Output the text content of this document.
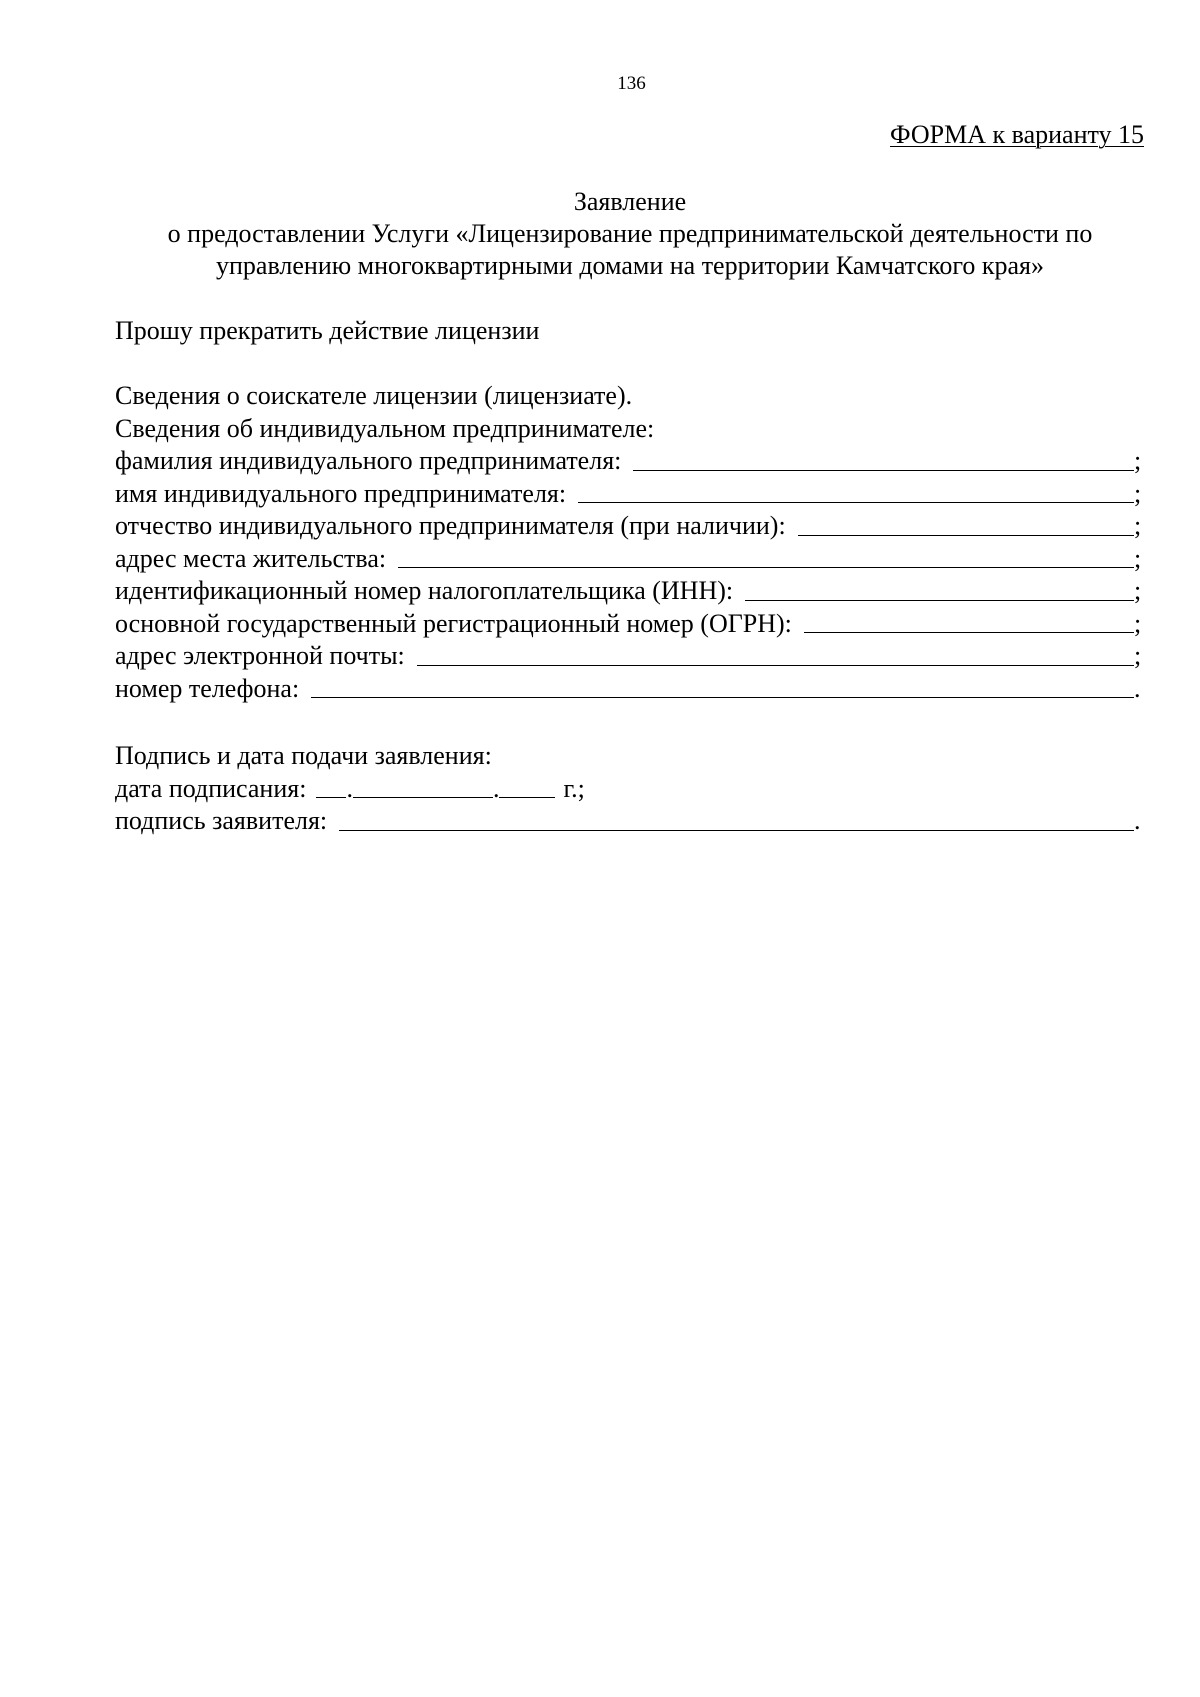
136
ФОРМА к варианту 15
Заявление
о предоставлении Услуги «Лицензирование предпринимательской деятельности по
управлению многоквартирными домами на территории Камчатского края»
Прошу прекратить действие лицензии
Сведения о соискателе лицензии (лицензиате).
Сведения об индивидуальном предпринимателе:
фамилия индивидуального предпринимателя:	;
имя индивидуального предпринимателя:	;
отчество индивидуального предпринимателя (при наличии):	;
адрес места жительства:	;
идентификационный номер налогоплательщика (ИНН):	;
основной государственный регистрационный номер (ОГРН):	;
адрес электронной почты:	;
номер телефона:	.
Подпись и дата подачи заявления:
дата подписания: .	. г.;
подпись заявителя:	.
